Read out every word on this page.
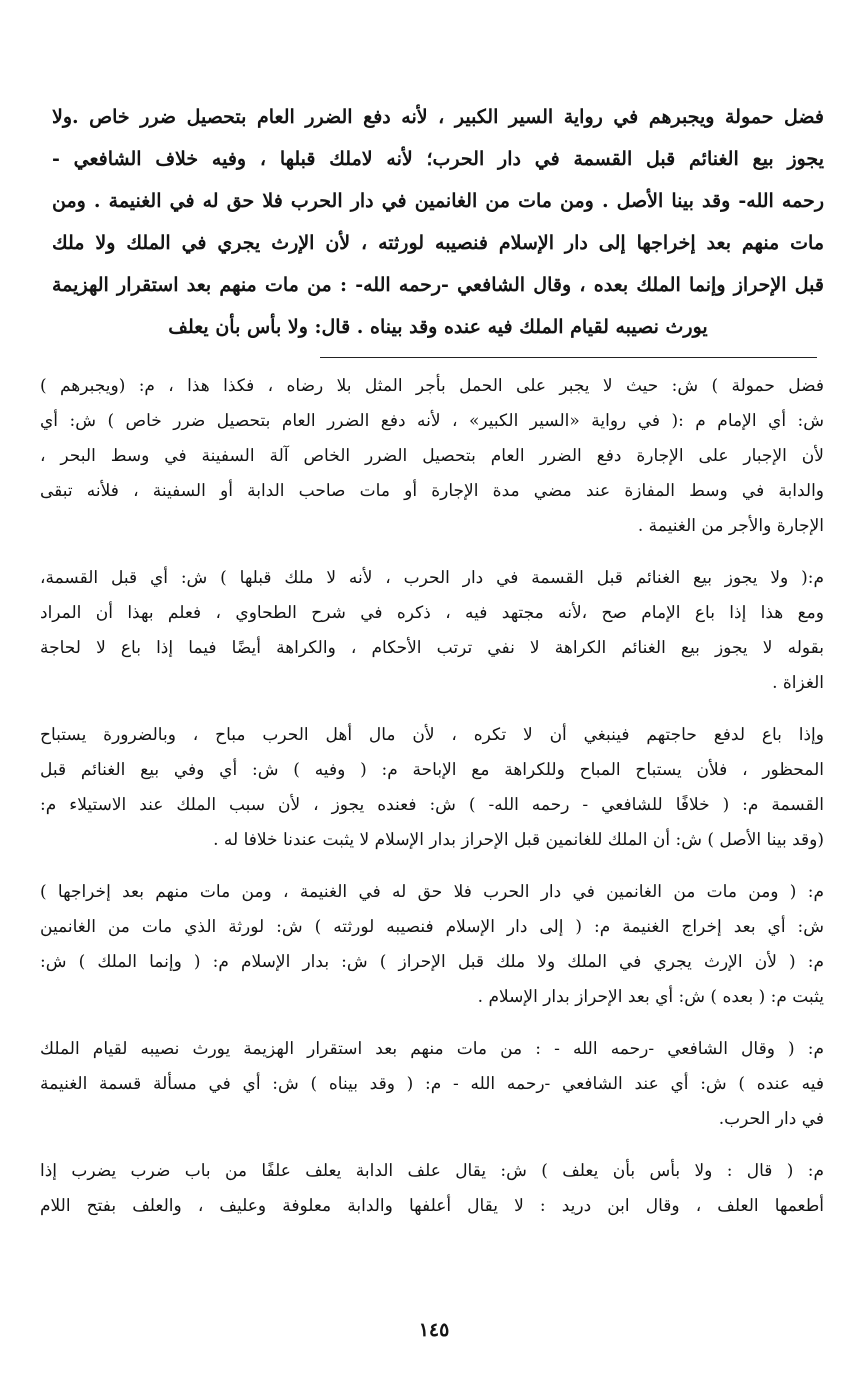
فضل حمولة ويجبرهم في رواية السير الكبير ، لأنه دفع الضرر العام بتحصيل ضرر خاص .ولا
يجوز بيع الغنائم قبل القسمة في دار الحرب؛ لأنه لاملك قبلها ، وفيه خلاف الشافعي -
رحمه الله- وقد بينا الأصل . ومن مات من الغانمين في دار الحرب فلا حق له في الغنيمة . ومن
مات منهم بعد إخراجها إلى دار الإسلام فنصيبه لورثته ، لأن الإرث يجري في الملك ولا ملك
قبل الإحراز وإنما الملك بعده ، وقال الشافعي -رحمه الله- : من مات منهم بعد استقرار الهزيمة
يورث نصيبه لقيام الملك فيه عنده وقد بيناه . قال: ولا بأس بأن يعلف
فضل حمولة ) ش: حيث لا يجبر على الحمل بأجر المثل بلا رضاه ، فكذا هذا ، م: (ويجبرهم )
ش: أي الإمام م :( في رواية «السير الكبير» ، لأنه دفع الضرر العام بتحصيل ضرر خاص ) ش: أي
لأن الإجبار على الإجارة دفع الضرر العام بتحصيل الضرر الخاص آلة السفينة في وسط البحر ،
والدابة في وسط المفازة عند مضي مدة الإجارة أو مات صاحب الدابة أو السفينة ، فلأنه تبقى
الإجارة والأجر من الغنيمة .
م:( ولا يجوز بيع الغنائم قبل القسمة في دار الحرب ، لأنه لا ملك قبلها ) ش: أي قبل القسمة،
ومع هذا إذا باع الإمام صح ،لأنه مجتهد فيه ، ذكره في شرح الطحاوي ، فعلم بهذا أن المراد
بقوله لا يجوز بيع الغنائم الكراهة لا نفي ترتب الأحكام ، والكراهة أيضًا فيما إذا باع لا لحاجة
الغزاة .
وإذا باع لدفع حاجتهم فينبغي أن لا تكره ، لأن مال أهل الحرب مباح ، وبالضرورة يستباح
المحظور ، فلأن يستباح المباح وللكراهة مع الإباحة م: ( وفيه ) ش: أي وفي بيع الغنائم قبل
القسمة م: ( خلافًا للشافعي - رحمه الله- ) ش: فعنده يجوز ، لأن سبب الملك عند الاستيلاء م:
(وقد بينا الأصل ) ش: أن الملك للغانمين قبل الإحراز بدار الإسلام لا يثبت عندنا خلافا له .
م: ( ومن مات من الغانمين في دار الحرب فلا حق له في الغنيمة ، ومن مات منهم بعد إخراجها )
ش: أي بعد إخراج الغنيمة م: ( إلى دار الإسلام فنصيبه لورثته ) ش: لورثة الذي مات من الغانمين
م: ( لأن الإرث يجري في الملك ولا ملك قبل الإحراز ) ش: بدار الإسلام م: ( وإنما الملك ) ش:
يثبت م: ( بعده ) ش: أي بعد الإحراز بدار الإسلام .
م: ( وقال الشافعي -رحمه الله - : من مات منهم بعد استقرار الهزيمة يورث نصيبه لقيام الملك
فيه عنده ) ش: أي عند الشافعي -رحمه الله - م: ( وقد بيناه ) ش: أي في مسألة قسمة الغنيمة
في دار الحرب.
م: ( قال : ولا بأس بأن يعلف ) ش: يقال علف الدابة يعلف علفًا من باب ضرب يضرب إذا
أطعمها العلف ، وقال ابن دريد : لا يقال أعلفها والدابة معلوفة وعليف ، والعلف بفتح اللام
١٤٥
